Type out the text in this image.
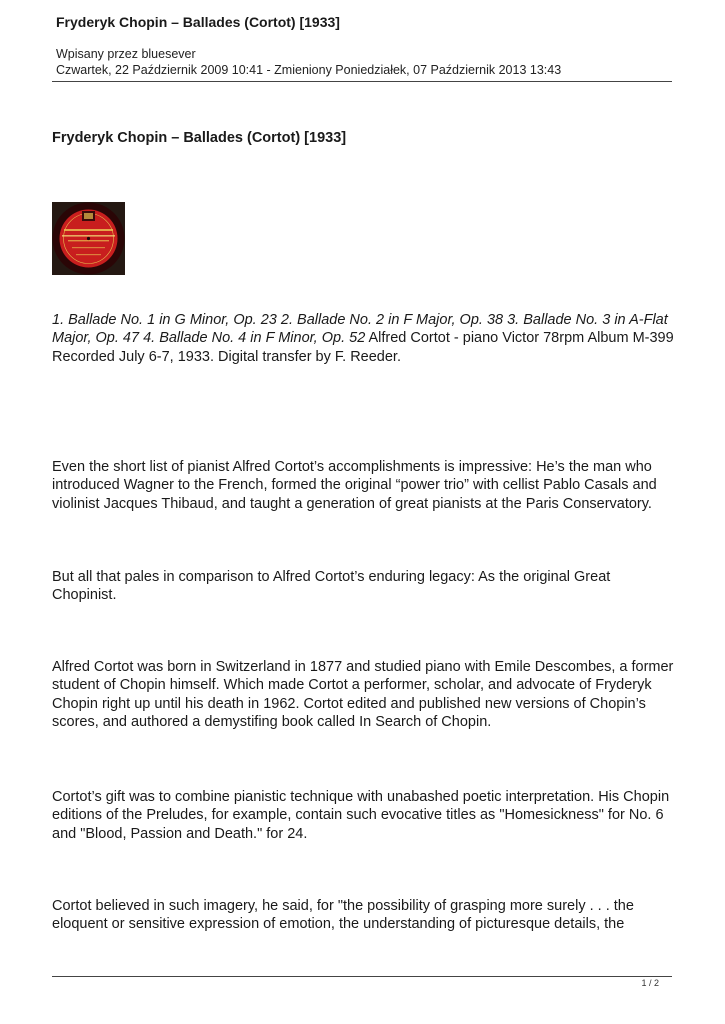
Fryderyk Chopin – Ballades (Cortot) [1933]
Wpisany przez bluesever
Czwartek, 22 Październik 2009 10:41 - Zmieniony Poniedziałek, 07 Październik 2013 13:43
Fryderyk Chopin – Ballades (Cortot) [1933]

1. Ballade No. 1 in G Minor, Op. 23 2. Ballade No. 2 in F Major, Op. 38 3. Ballade No. 3 in A-Flat Major, Op. 47 4. Ballade No. 4 in F Minor, Op. 52 Alfred Cortot - piano Victor 78rpm Album M-399 Recorded July 6-7, 1933. Digital transfer by F. Reeder.

Even the short list of pianist Alfred Cortot’s accomplishments is impressive: He’s the man who introduced Wagner to the French, formed the original “power trio” with cellist Pablo Casals and violinist Jacques Thibaud, and taught a generation of great pianists at the Paris Conservatory.

But all that pales in comparison to Alfred Cortot’s enduring legacy: As the original Great Chopinist.

Alfred Cortot was born in Switzerland in 1877 and studied piano with Emile Descombes, a former student of Chopin himself. Which made Cortot a performer, scholar, and advocate of Fryderyk Chopin right up until his death in 1962. Cortot edited and published new versions of Chopin’s scores, and authored a demystifing book called In Search of Chopin.

Cortot’s gift was to combine pianistic technique with unabashed poetic interpretation. His Chopin editions of the Preludes, for example, contain such evocative titles as "Homesickness" for No. 6 and "Blood, Passion and Death." for 24.

Cortot believed in such imagery, he said, for "the possibility of grasping more surely . . . the eloquent or sensitive expression of emotion, the understanding of picturesque details, the

1 / 2
